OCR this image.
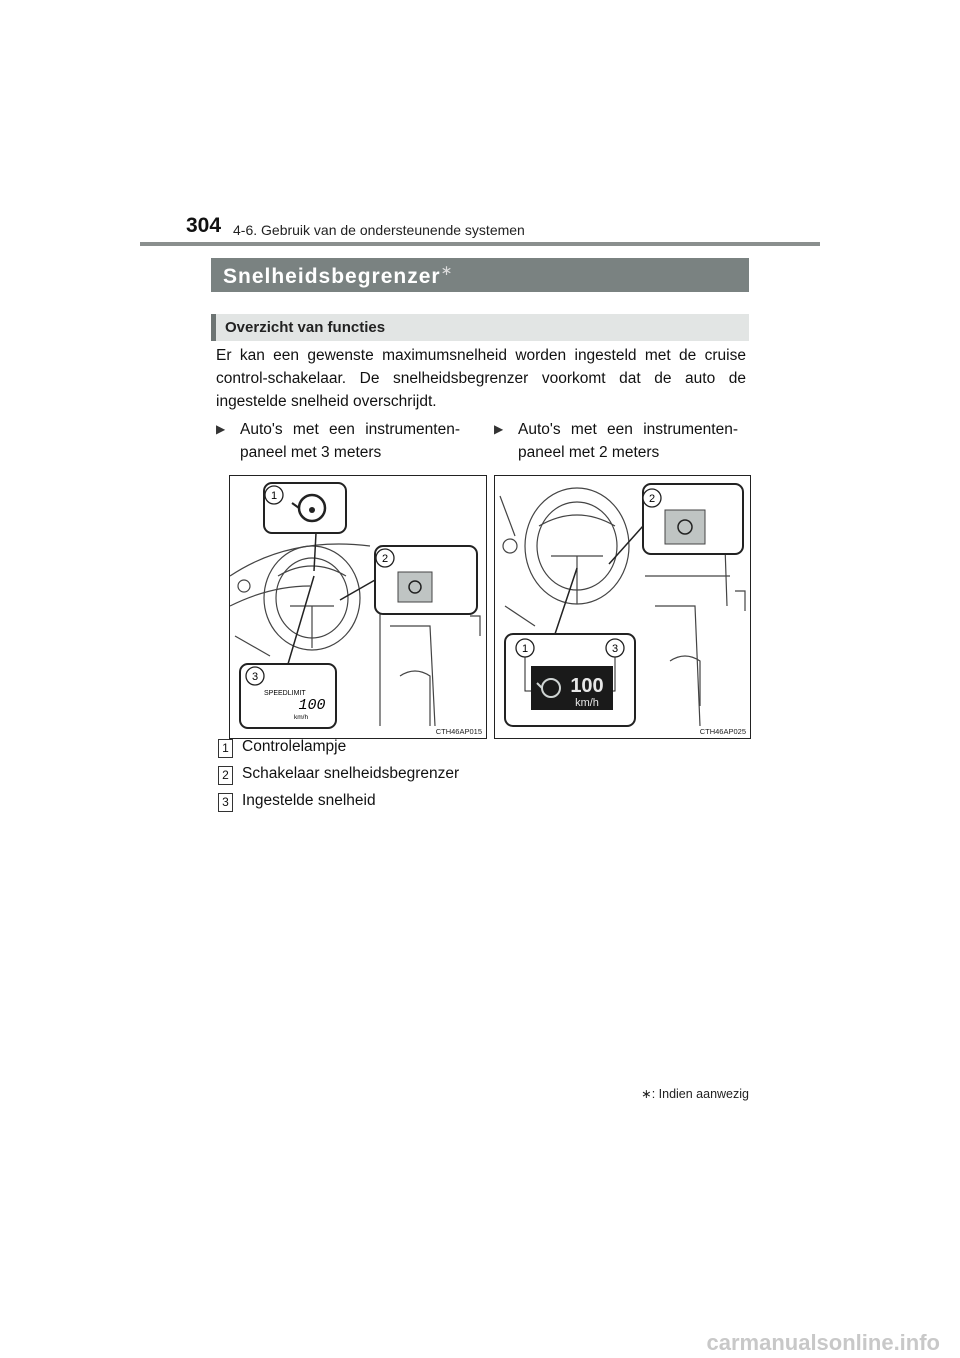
304 4-6. Gebruik van de ondersteunende systemen
Snelheidsbegrenzer∗
Overzicht van functies
Er kan een gewenste maximumsnelheid worden ingesteld met de cruise control-schakelaar. De snelheidsbegrenzer voorkomt dat de auto de ingestelde snelheid overschrijdt.
▶ Auto's met een instrumenten-paneel met 3 meters
▶ Auto's met een instrumenten-paneel met 2 meters
1
2
3
SPEEDLIMIT
100
km/h
CTH46AP015
100
km/h
2
1	3
CTH46AP025
1 Controlelampje
2 Schakelaar snelheidsbegrenzer
3 Ingestelde snelheid
∗: Indien aanwezig
carmanualsonline.info
